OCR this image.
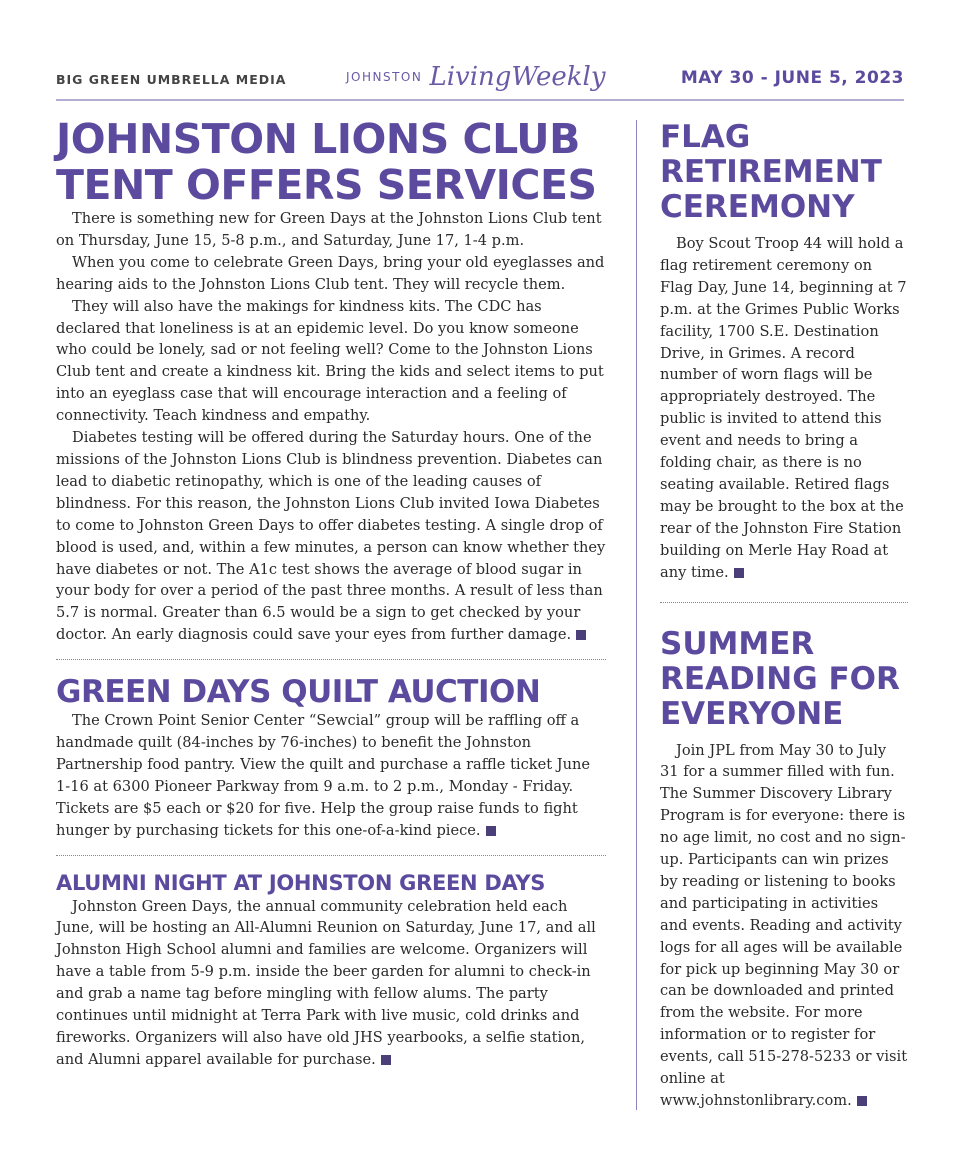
BIG GREEN UMBRELLA MEDIA	JOHNSTON LivingWeekly	MAY 30 - JUNE 5, 2023
JOHNSTON LIONS CLUB TENT OFFERS SERVICES

There is something new for Green Days at the Johnston Lions Club tent on Thursday, June 15, 5-8 p.m., and Saturday, June 17, 1-4 p.m.

When you come to celebrate Green Days, bring your old eyeglasses and hearing aids to the Johnston Lions Club tent. They will recycle them.

They will also have the makings for kindness kits. The CDC has declared that loneliness is at an epidemic level. Do you know someone who could be lonely, sad or not feeling well? Come to the Johnston Lions Club tent and create a kindness kit. Bring the kids and select items to put into an eyeglass case that will encourage interaction and a feeling of connectivity. Teach kindness and empathy.

Diabetes testing will be offered during the Saturday hours. One of the missions of the Johnston Lions Club is blindness prevention. Diabetes can lead to diabetic retinopathy, which is one of the leading causes of blindness. For this reason, the Johnston Lions Club invited Iowa Diabetes to come to Johnston Green Days to offer diabetes testing. A single drop of blood is used, and, within a few minutes, a person can know whether they have diabetes or not. The A1c test shows the average of blood sugar in your body for over a period of the past three months. A result of less than 5.7 is normal. Greater than 6.5 would be a sign to get checked by your doctor. An early diagnosis could save your eyes from further damage.

GREEN DAYS QUILT AUCTION

The Crown Point Senior Center “Sewcial” group will be raffling off a handmade quilt (84-inches by 76-inches) to benefit the Johnston Partnership food pantry. View the quilt and purchase a raffle ticket June 1-16 at 6300 Pioneer Parkway from 9 a.m. to 2 p.m., Monday - Friday. Tickets are $5 each or $20 for five. Help the group raise funds to fight hunger by purchasing tickets for this one-of-a-kind piece.

ALUMNI NIGHT AT JOHNSTON GREEN DAYS

Johnston Green Days, the annual community celebration held each June, will be hosting an All-Alumni Reunion on Saturday, June 17, and all Johnston High School alumni and families are welcome. Organizers will have a table from 5-9 p.m. inside the beer garden for alumni to check-in and grab a name tag before mingling with fellow alums. The party continues until midnight at Terra Park with live music, cold drinks and fireworks. Organizers will also have old JHS yearbooks, a selfie station, and Alumni apparel available for purchase.

FLAG RETIREMENT CEREMONY

Boy Scout Troop 44 will hold a flag retirement ceremony on Flag Day, June 14, beginning at 7 p.m. at the Grimes Public Works facility, 1700 S.E. Destination Drive, in Grimes. A record number of worn flags will be appropriately destroyed. The public is invited to attend this event and needs to bring a folding chair, as there is no seating available. Retired flags may be brought to the box at the rear of the Johnston Fire Station building on Merle Hay Road at any time.

SUMMER READING FOR EVERYONE

Join JPL from May 30 to July 31 for a summer filled with fun. The Summer Discovery Library Program is for everyone: there is no age limit, no cost and no sign-up. Participants can win prizes by reading or listening to books and participating in activities and events. Reading and activity logs for all ages will be available for pick up beginning May 30 or can be downloaded and printed from the website. For more information or to register for events, call 515-278-5233 or visit online at www.johnstonlibrary.com.
